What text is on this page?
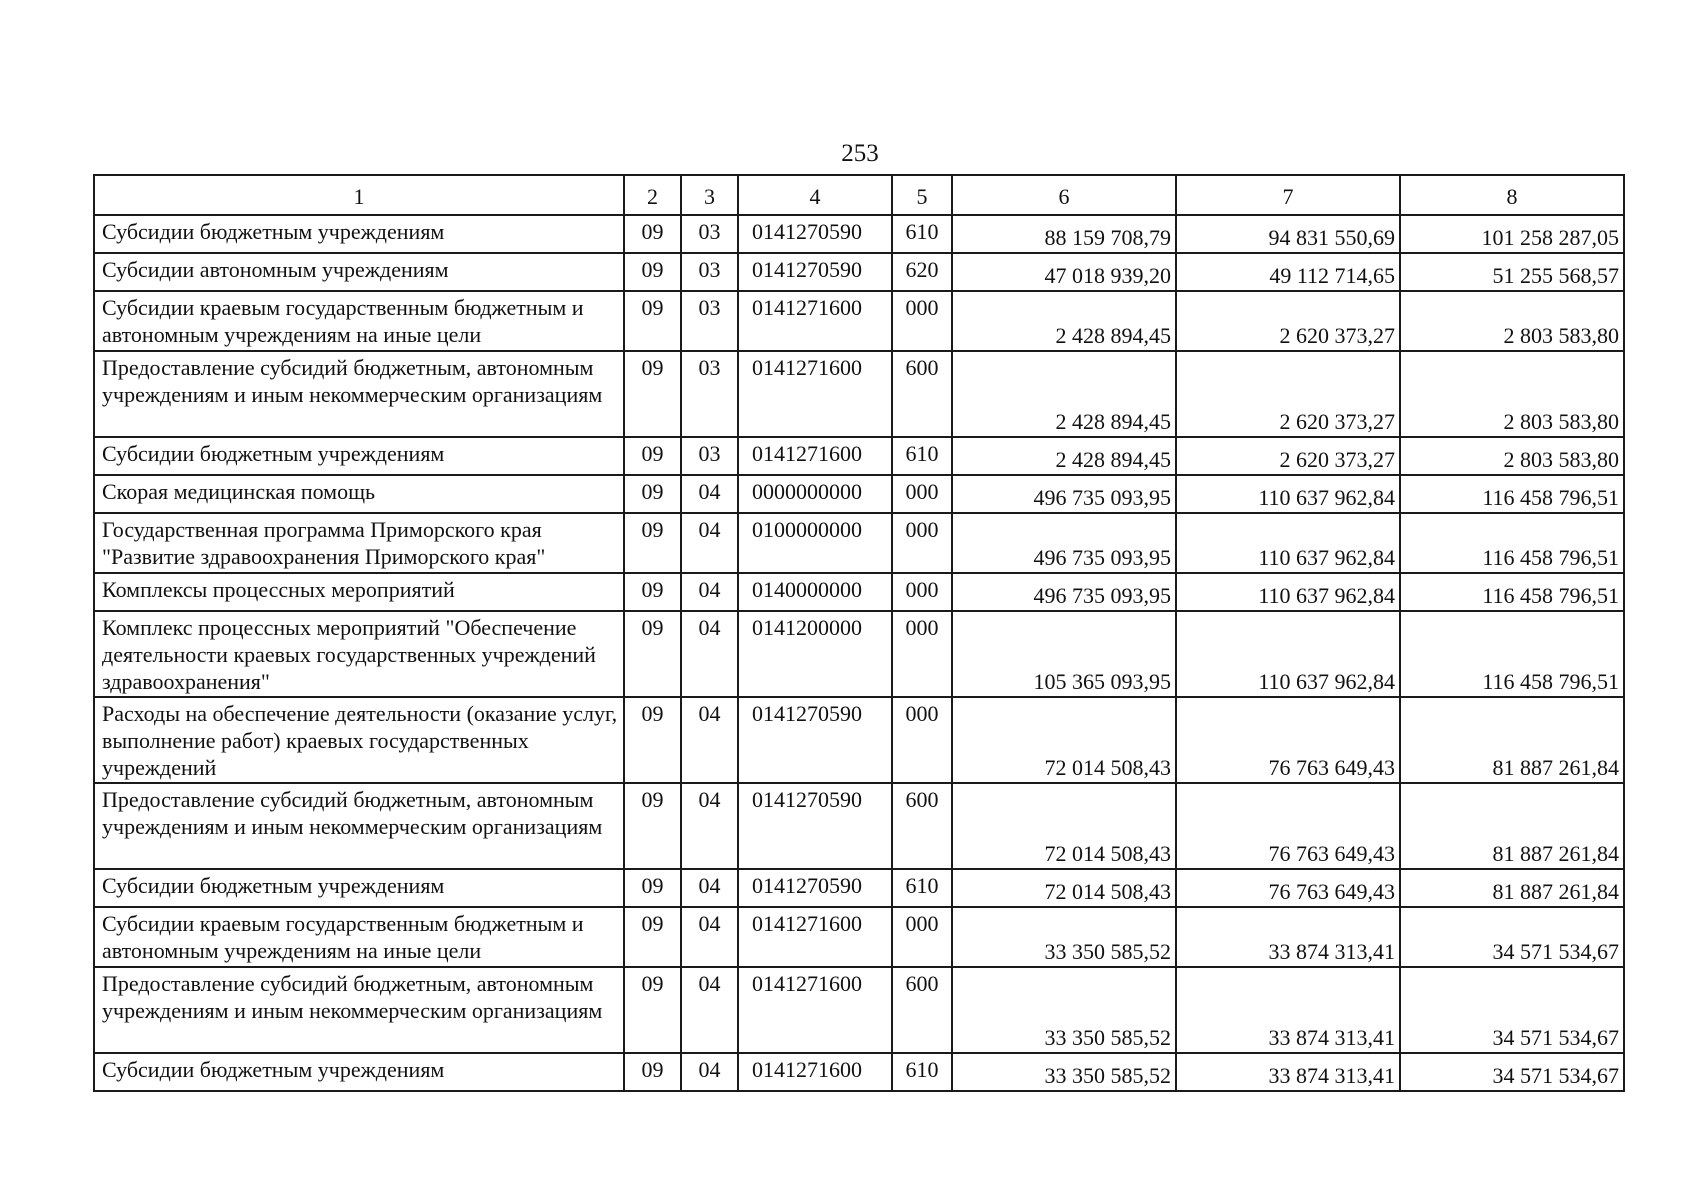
253
1	2	3	4	5	6	7	8
Субсидии бюджетным учреждениям	09	03	0141270590	610	88 159 708,79	94 831 550,69	101 258 287,05
Субсидии автономным учреждениям	09	03	0141270590	620	47 018 939,20	49 112 714,65	51 255 568,57
Субсидии краевым государственным бюджетным и автономным учреждениям на иные цели	09	03	0141271600	000	2 428 894,45	2 620 373,27	2 803 583,80
Предоставление субсидий бюджетным, автономным учреждениям и иным некоммерческим организациям	09	03	0141271600	600	2 428 894,45	2 620 373,27	2 803 583,80
Субсидии бюджетным учреждениям	09	03	0141271600	610	2 428 894,45	2 620 373,27	2 803 583,80
Скорая медицинская помощь	09	04	0000000000	000	496 735 093,95	110 637 962,84	116 458 796,51
Государственная программа Приморского края "Развитие здравоохранения Приморского края"	09	04	0100000000	000	496 735 093,95	110 637 962,84	116 458 796,51
Комплексы процессных мероприятий	09	04	0140000000	000	496 735 093,95	110 637 962,84	116 458 796,51
Комплекс процессных мероприятий "Обеспечение деятельности краевых государственных учреждений здравоохранения"	09	04	0141200000	000	105 365 093,95	110 637 962,84	116 458 796,51
Расходы на обеспечение деятельности (оказание услуг, выполнение работ) краевых государственных учреждений	09	04	0141270590	000	72 014 508,43	76 763 649,43	81 887 261,84
Предоставление субсидий бюджетным, автономным учреждениям и иным некоммерческим организациям	09	04	0141270590	600	72 014 508,43	76 763 649,43	81 887 261,84
Субсидии бюджетным учреждениям	09	04	0141270590	610	72 014 508,43	76 763 649,43	81 887 261,84
Субсидии краевым государственным бюджетным и автономным учреждениям на иные цели	09	04	0141271600	000	33 350 585,52	33 874 313,41	34 571 534,67
Предоставление субсидий бюджетным, автономным учреждениям и иным некоммерческим организациям	09	04	0141271600	600	33 350 585,52	33 874 313,41	34 571 534,67
Субсидии бюджетным учреждениям	09	04	0141271600	610	33 350 585,52	33 874 313,41	34 571 534,67
